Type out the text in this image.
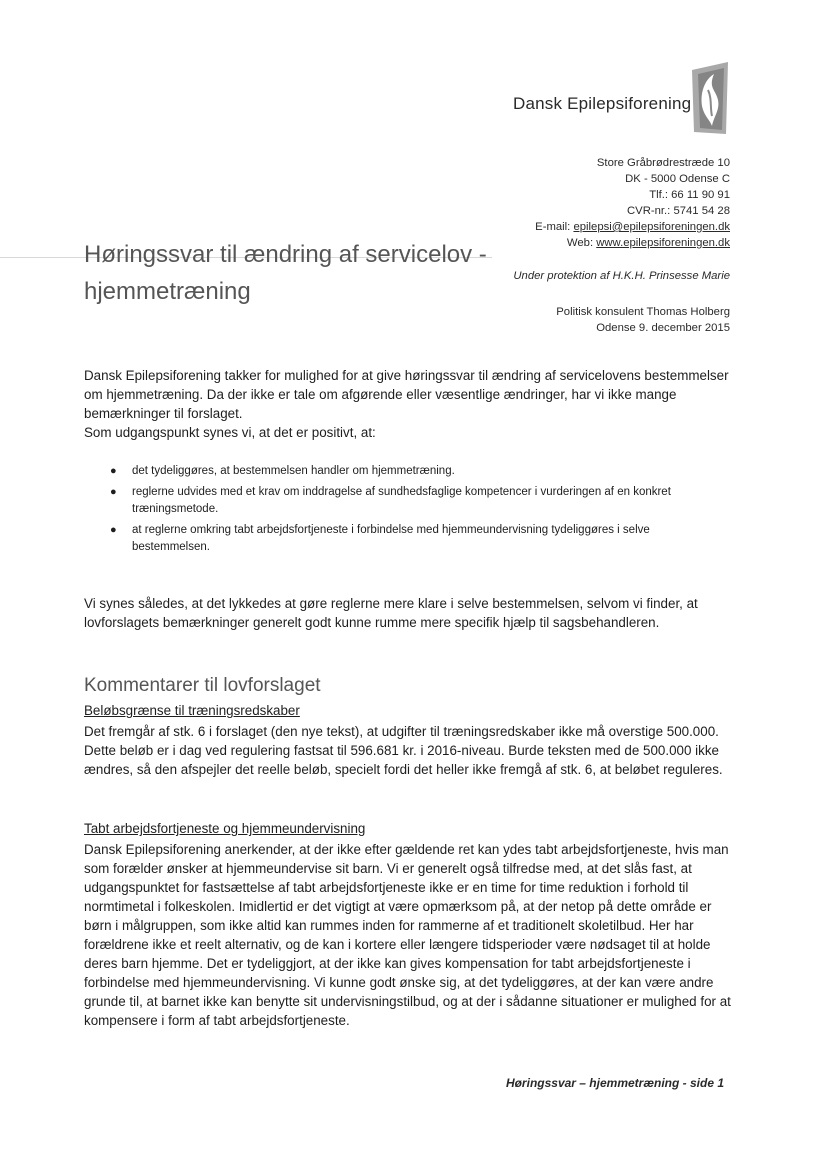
Dansk Epilepsiforening
Store Gråbrødrestræde 10
DK - 5000 Odense C
Tlf.: 66 11 90 91
CVR-nr.: 5741 54 28
E-mail: epilepsi@epilepsiforeningen.dk
Web: www.epilepsiforeningen.dk
Høringssvar til ændring af servicelov -
hjemmetræning
Under protektion af H.K.H. Prinsesse Marie
Politisk konsulent Thomas Holberg
Odense 9. december 2015
Dansk Epilepsiforening takker for mulighed for at give høringssvar til ændring af servicelovens bestemmelser om hjemmetræning. Da der ikke er tale om afgørende eller væsentlige ændringer, har vi ikke mange bemærkninger til forslaget.
Som udgangspunkt synes vi, at det er positivt, at:
● det tydeliggøres, at bestemmelsen handler om hjemmetræning.
● reglerne udvides med et krav om inddragelse af sundhedsfaglige kompetencer i vurderingen af en konkret træningsmetode.
● at reglerne omkring tabt arbejdsfortjeneste i forbindelse med hjemmeundervisning tydeliggøres i selve bestemmelsen.
Vi synes således, at det lykkedes at gøre reglerne mere klare i selve bestemmelsen, selvom vi finder, at lovforslagets bemærkninger generelt godt kunne rumme mere specifik hjælp til sagsbehandleren.
Kommentarer til lovforslaget
Beløbsgrænse til træningsredskaber
Det fremgår af stk. 6 i forslaget (den nye tekst), at udgifter til træningsredskaber ikke må overstige 500.000. Dette beløb er i dag ved regulering fastsat til 596.681 kr. i 2016-niveau. Burde teksten med de 500.000 ikke ændres, så den afspejler det reelle beløb, specielt fordi det heller ikke fremgå af stk. 6, at beløbet reguleres.
Tabt arbejdsfortjeneste og hjemmeundervisning
Dansk Epilepsiforening anerkender, at der ikke efter gældende ret kan ydes tabt arbejdsfortjeneste, hvis man som forælder ønsker at hjemmeundervise sit barn. Vi er generelt også tilfredse med, at det slås fast, at udgangspunktet for fastsættelse af tabt arbejdsfortjeneste ikke er en time for time reduktion i forhold til normtimetal i folkeskolen. Imidlertid er det vigtigt at være opmærksom på, at der netop på dette område er børn i målgruppen, som ikke altid kan rummes inden for rammerne af et traditionelt skoletilbud. Her har forældrene ikke et reelt alternativ, og de kan i kortere eller længere tidsperioder være nødsaget til at holde deres barn hjemme. Det er tydeliggjort, at der ikke kan gives kompensation for tabt arbejdsfortjeneste i forbindelse med hjemmeundervisning. Vi kunne godt ønske sig, at det tydeliggøres, at der kan være andre grunde til, at barnet ikke kan benytte sit undervisningstilbud, og at der i sådanne situationer er mulighed for at kompensere i form af tabt arbejdsfortjeneste.
Høringssvar – hjemmetræning - side 1
